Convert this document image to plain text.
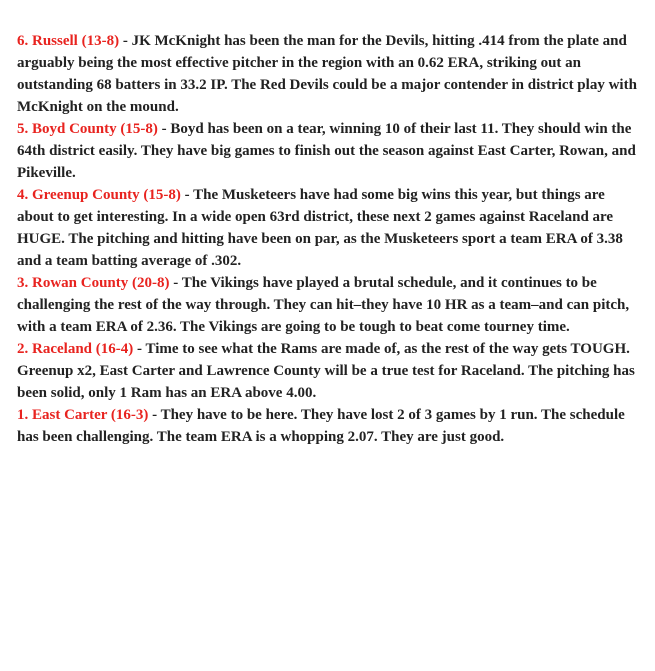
6. Russell (13-8) - JK McKnight has been the man for the Devils, hitting .414 from the plate and arguably being the most effective pitcher in the region with an 0.62 ERA, striking out an outstanding 68 batters in 33.2 IP. The Red Devils could be a major contender in district play with McKnight on the mound.

5. Boyd County (15-8) - Boyd has been on a tear, winning 10 of their last 11. They should win the 64th district easily. They have big games to finish out the season against East Carter, Rowan, and Pikeville.

4. Greenup County (15-8) - The Musketeers have had some big wins this year, but things are about to get interesting. In a wide open 63rd district, these next 2 games against Raceland are HUGE. The pitching and hitting have been on par, as the Musketeers sport a team ERA of 3.38 and a team batting average of .302.

3. Rowan County (20-8) - The Vikings have played a brutal schedule, and it continues to be challenging the rest of the way through. They can hit–they have 10 HR as a team–and can pitch, with a team ERA of 2.36. The Vikings are going to be tough to beat come tourney time.

2. Raceland (16-4) - Time to see what the Rams are made of, as the rest of the way gets TOUGH. Greenup x2, East Carter and Lawrence County will be a true test for Raceland. The pitching has been solid, only 1 Ram has an ERA above 4.00.

1. East Carter (16-3) - They have to be here. They have lost 2 of 3 games by 1 run. The schedule has been challenging. The team ERA is a whopping 2.07. They are just good.
